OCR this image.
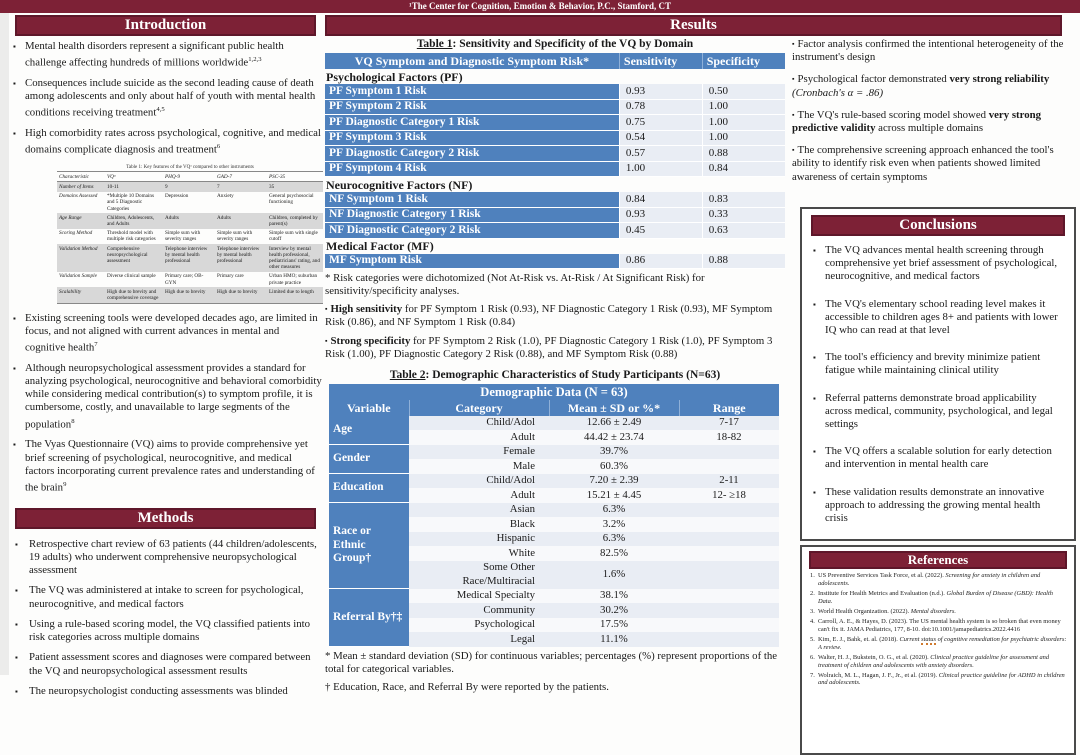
¹The Center for Cognition, Emotion & Behavior, P.C., Stamford, CT
Introduction	Results
▪ Mental health disorders represent a significant public health challenge affecting hundreds of millions worldwide$^{1,2,3}$
▪ Consequences include suicide as the second leading cause of death among adolescents and only about half of youth with mental health conditions receiving treatment$^{4,5}$
▪ High comorbidity rates across psychological, cognitive, and medical domains complicate diagnosis and treatment$^6$
Table 1: Key features of the VQᵃ compared to other instruments
Characteristic	VQᵃ	PHQ-9	GAD-7	PSC-35
Number of Items	10-11	9	7	35
Domains Assessed	*Multiple 10 Domains and 5 Diagnostic Categories	Depression	Anxiety	General psychosocial functioning
Age Range	Children, Adolescents, and Adults	Adults	Adults	Children, completed by parent(s)
Scoring Method	Threshold model with multiple risk categories	Simple sum with severity ranges	Simple sum with severity ranges	Simple sum with single cutoff
Validation Method	Comprehensive neuropsychological assessment	Telephone interview by mental health professional	Telephone interview by mental health professional	Interview by mental health professional, pediatricians' rating, and other measures
Validation Sample	Diverse clinical sample	Primary care; OB-GYN	Primary care	Urban HMO; suburban private practice
Scalability	High due to brevity and comprehensive coverage	High due to brevity	High due to brevity	Limited due to length
▪ Existing screening tools were developed decades ago, are limited in focus, and not aligned with current advances in mental and cognitive health$^7$
▪ Although neuropsychological assessment provides a standard for analyzing psychological, neurocognitive and behavioral comorbidity while considering medical contribution(s) to symptom profile, it is cumbersome, costly, and unavailable to large segments of the population$^8$
▪ The Vyas Questionnaire (VQ) aims to provide comprehensive yet brief screening of psychological, neurocognitive, and medical factors incorporating current prevalence rates and understanding of the brain$^9$
Methods
▪ Retrospective chart review of 63 patients (44 children/adolescents, 19 adults) who underwent comprehensive neuropsychological assessment
▪ The VQ was administered at intake to screen for psychological, neurocognitive, and medical factors
▪ Using a rule-based scoring model, the VQ classified patients into risk categories across multiple domains
▪ Patient assessment scores and diagnoses were compared between the VQ and neuropsychological assessment results
▪ The neuropsychologist conducting assessments was blinded
Table 1: Sensitivity and Specificity of the VQ by Domain
VQ Symptom and Diagnostic Symptom Risk*	Sensitivity	Specificity
Psychological Factors (PF)		
PF Symptom 1 Risk	0.93	0.50
PF Symptom 2 Risk	0.78	1.00
PF Diagnostic Category 1 Risk	0.75	1.00
PF Symptom 3 Risk	0.54	1.00
PF Diagnostic Category 2 Risk	0.57	0.88
PF Symptom 4 Risk	1.00	0.84
Neurocognitive Factors (NF)		
NF Symptom 1 Risk	0.84	0.83
NF Diagnostic Category 1 Risk	0.93	0.33
NF Diagnostic Category 2 Risk	0.45	0.63
Medical Factor (MF)		
MF Symptom Risk	0.86	0.88
* Risk categories were dichotomized (Not At-Risk vs. At-Risk / At Significant Risk) for sensitivity/specificity analyses.
▪ High sensitivity for PF Symptom 1 Risk (0.93), NF Diagnostic Category 1 Risk (0.93), MF Symptom Risk (0.86), and NF Symptom 1 Risk (0.84)
▪ Strong specificity for PF Symptom 2 Risk (1.0), PF Diagnostic Category 1 Risk (1.0), PF Symptom 3 Risk (1.00), PF Diagnostic Category 2 Risk (0.88), and MF Symptom Risk (0.88)
Table 2: Demographic Characteristics of Study Participants (N=63)
Demographic Data (N = 63)			
Variable	Category	Mean ± SD or %*	Range
Age	Child/Adol	12.66 ± 2.49	7-17
	Adult	44.42 ± 23.74	18-82
Gender	Female	39.7%	
	Male	60.3%	
Education	Child/Adol	7.20 ± 2.39	2-11
	Adult	15.21 ± 4.45	12- ≥18
Race or Ethnic Group†	Asian	6.3%	
	Black	3.2%	
	Hispanic	6.3%	
	White	82.5%	
	Some Other Race/Multiracial	1.6%	
Referral By†‡	Medical Specialty	38.1%	
	Community	30.2%	
	Psychological	17.5%	
	Legal	11.1%	
* Mean ± standard deviation (SD) for continuous variables; percentages (%) represent proportions of the total for categorical variables.
† Education, Race, and Referral By were reported by the patients.
▪ Factor analysis confirmed the intentional heterogeneity of the instrument's design
▪ Psychological factor demonstrated very strong reliability (Cronbach's α = .86)
▪ The VQ's rule-based scoring model showed very strong predictive validity across multiple domains
▪ The comprehensive screening approach enhanced the tool's ability to identify risk even when patients showed limited awareness of certain symptoms
Conclusions
▪ The VQ advances mental health screening through comprehensive yet brief assessment of psychological, neurocognitive, and medical factors
▪ The VQ's elementary school reading level makes it accessible to children ages 8+ and patients with lower IQ who can read at that level
▪ The tool's efficiency and brevity minimize patient fatigue while maintaining clinical utility
▪ Referral patterns demonstrate broad applicability across medical, community, psychological, and legal settings
▪ The VQ offers a scalable solution for early detection and intervention in mental health care
▪ These validation results demonstrate an innovative approach to addressing the growing mental health crisis
References
1. US Preventive Services Task Force, et al. (2022). Screening for anxiety in children and adolescents.
2. Institute for Health Metrics and Evaluation (n.d.). Global Burden of Disease (GBD): Health Data.
3. World Health Organization. (2022). Mental disorders.
4. Carroll, A. E., & Hayes, D. (2023). The US mental health system is so broken that even money can't fix it. JAMA Pediatrics, 177, 8-10. doi:10.1001/jamapediatrics.2022.4416
5. Kim, E. J., Bahk, et. al. (2018). Current status of cognitive remediation for psychiatric disorders: A review.
6. Walter, H. J., Bukstein, O. G., et al. (2020). Clinical practice guideline for assessment and treatment of children and adolescents with anxiety disorders.
7. Wolraich, M. L., Hagan, J. F., Jr., et al. (2019). Clinical practice guideline for ADHD in children and adolescents.
